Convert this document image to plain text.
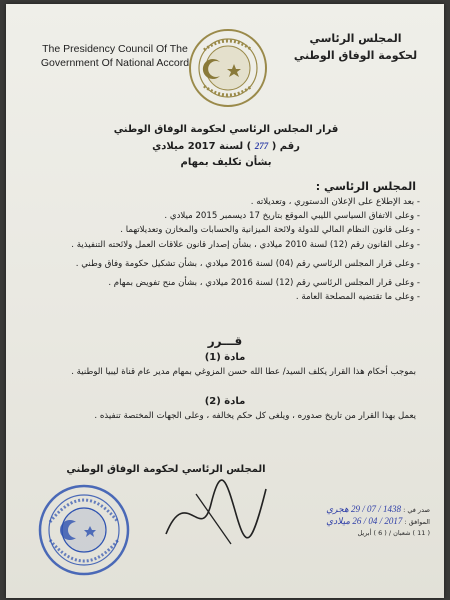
The Presidency Council Of The Government Of National Accord
المجلس الرئاسي
لحكومة الوفاق الوطني
قرار المجلس الرئاسي لحكومة الوفاق الوطني
رقم ( 277 ) لسنة 2017 ميلادي
بشأن تكليف بمهام
المجلس الرئاسي :
- بعد الإطلاع على الإعلان الدستوري ، وتعديلاته .
- وعلى الاتفاق السياسي الليبي الموقع بتاريخ 17 ديسمبر 2015 ميلادي .
- وعلى قانون النظام المالي للدولة ولائحة الميزانية والحسابات والمخازن وتعديلاتهما .
- وعلى القانون رقم (12) لسنة 2010 ميلادي ، بشأن إصدار قانون علاقات العمل ولائحته التنفيذية .
- وعلى قرار المجلس الرئاسي رقم (04) لسنة 2016 ميلادي ، بشأن تشكيل حكومة وفاق وطني .
- وعلى قرار المجلس الرئاسي رقم (12) لسنة 2016 ميلادي ، بشأن منح تفويض بمهام .
- وعلى ما تقتضيه المصلحة العامة .
قـــرر
مادة (1)
بموجب أحكام هذا القرار يكلف السيد/ عطا الله حسن المزوغي بمهام مدير عام قناة ليبيا الوطنية .
مادة (2)
يعمل بهذا القرار من تاريخ صدوره ، ويلغى كل حكم يخالفه ، وعلى الجهات المختصة تنفيذه .
المجلس الرئاسي لحكومة الوفاق الوطني
صدر في : 1438 / 07 / 29 هجري
الموافق : 2017 / 04 / 26 ميلادي
( 11 ) شعبان / ( 6 ) أبريل
